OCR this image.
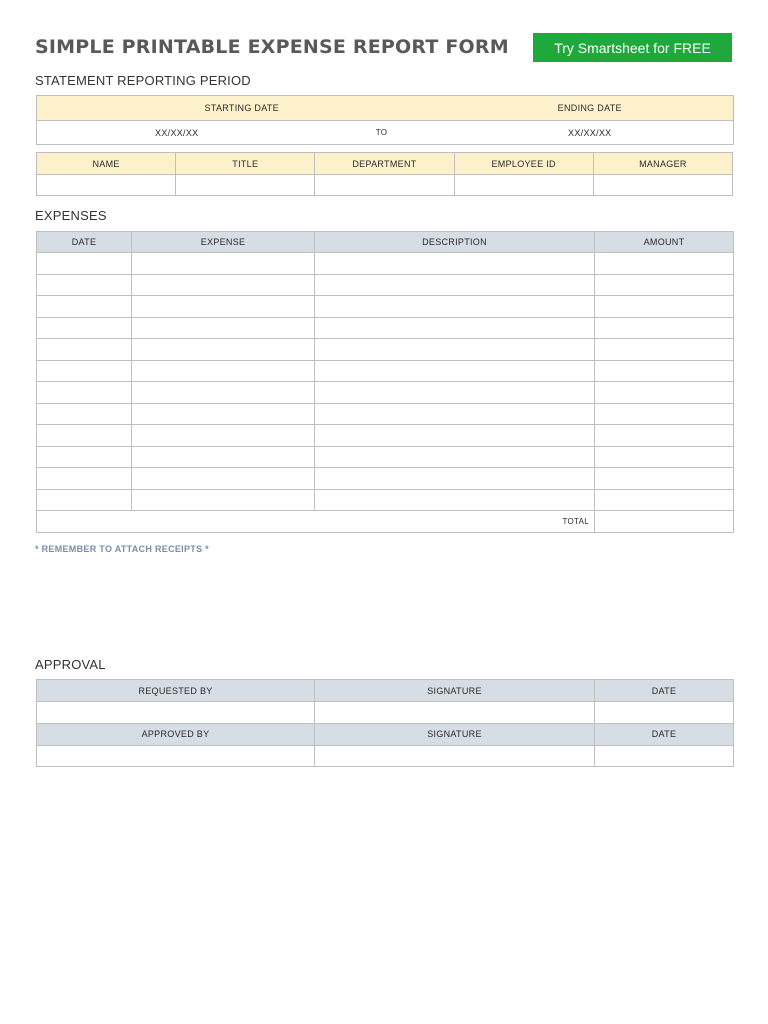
SIMPLE PRINTABLE EXPENSE REPORT FORM	Try Smartsheet for FREE
STATEMENT REPORTING PERIOD
STARTING DATE		ENDING DATE
XX/XX/XX	TO	XX/XX/XX
NAME	TITLE	DEPARTMENT	EMPLOYEE ID	MANAGER

EXPENSES
DATE	EXPENSE	DESCRIPTION	AMOUNT

TOTAL			
* REMEMBER TO ATTACH RECEIPTS *
APPROVAL
REQUESTED BY	SIGNATURE	DATE

APPROVED BY	SIGNATURE	DATE
